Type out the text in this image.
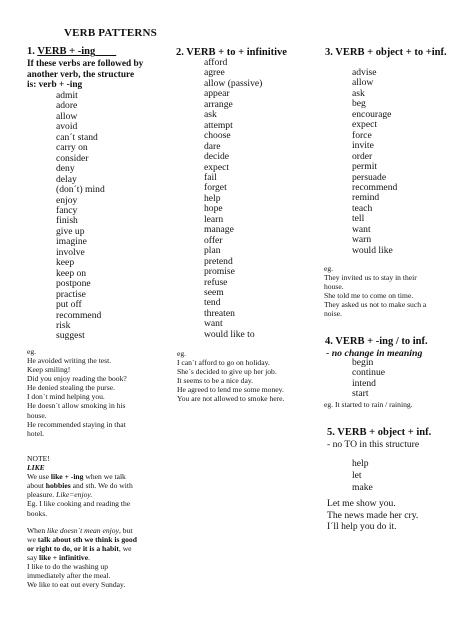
VERB PATTERNS
1. VERB + -ing
If these verbs are followed by
another verb, the structure
is: verb + -ing
admit
adore
allow
avoid
can´t stand
carry on
consider
deny
delay
(don´t) mind
enjoy
fancy
finish
give up
imagine
involve
keep
keep on
postpone
practise
put off
recommend
risk
suggest
eg.
He avoided writing the test.
Keep smiling!
Did you enjoy reading the book?
He denied stealing the purse.
I don´t mind helping you.
He doesn´t allow smoking in his
house.
He recommended staying in that
hotel.
NOTE!
LIKE
We use like + -ing when we talk
about hobbies and sth. We do with
pleasure. Like=enjoy.
Eg. I like cooking and reading the
books.
When like doesn´t mean enjoy, but
we talk about sth we think is good
or right to do, or it is a habit, we
say like + infinitive.
I like to do the washing up
immediately after the meal.
We like to eat out every Sunday.
2. VERB + to + infinitive
afford
agree
allow (passive)
appear
arrange
ask
attempt
choose
dare
decide
expect
fail
forget
help
hope
learn
manage
offer
plan
pretend
promise
refuse
seem
tend
threaten
want
would like to
eg.
I can´t afford to go on holiday.
She´s decided to give up her job.
It seems to be a nice day.
He agreed to lend me some money.
You are not allowed to smoke here.
3. VERB + object + to +inf.
advise
allow
ask
beg
encourage
expect
force
invite
order
permit
persuade
recommend
remind
teach
tell
want
warn
would like
eg.
They invited us to stay in their
house.
She told me to come on time.
They asked us not to make such a
noise.
4. VERB + -ing / to inf.
- no change in meaning
begin
continue
intend
start
eg. It started to rain / raining.
5. VERB + object + inf.
- no TO in this structure
help
let
make
Let me show you.
The news made her cry.
I´ll help you do it.
